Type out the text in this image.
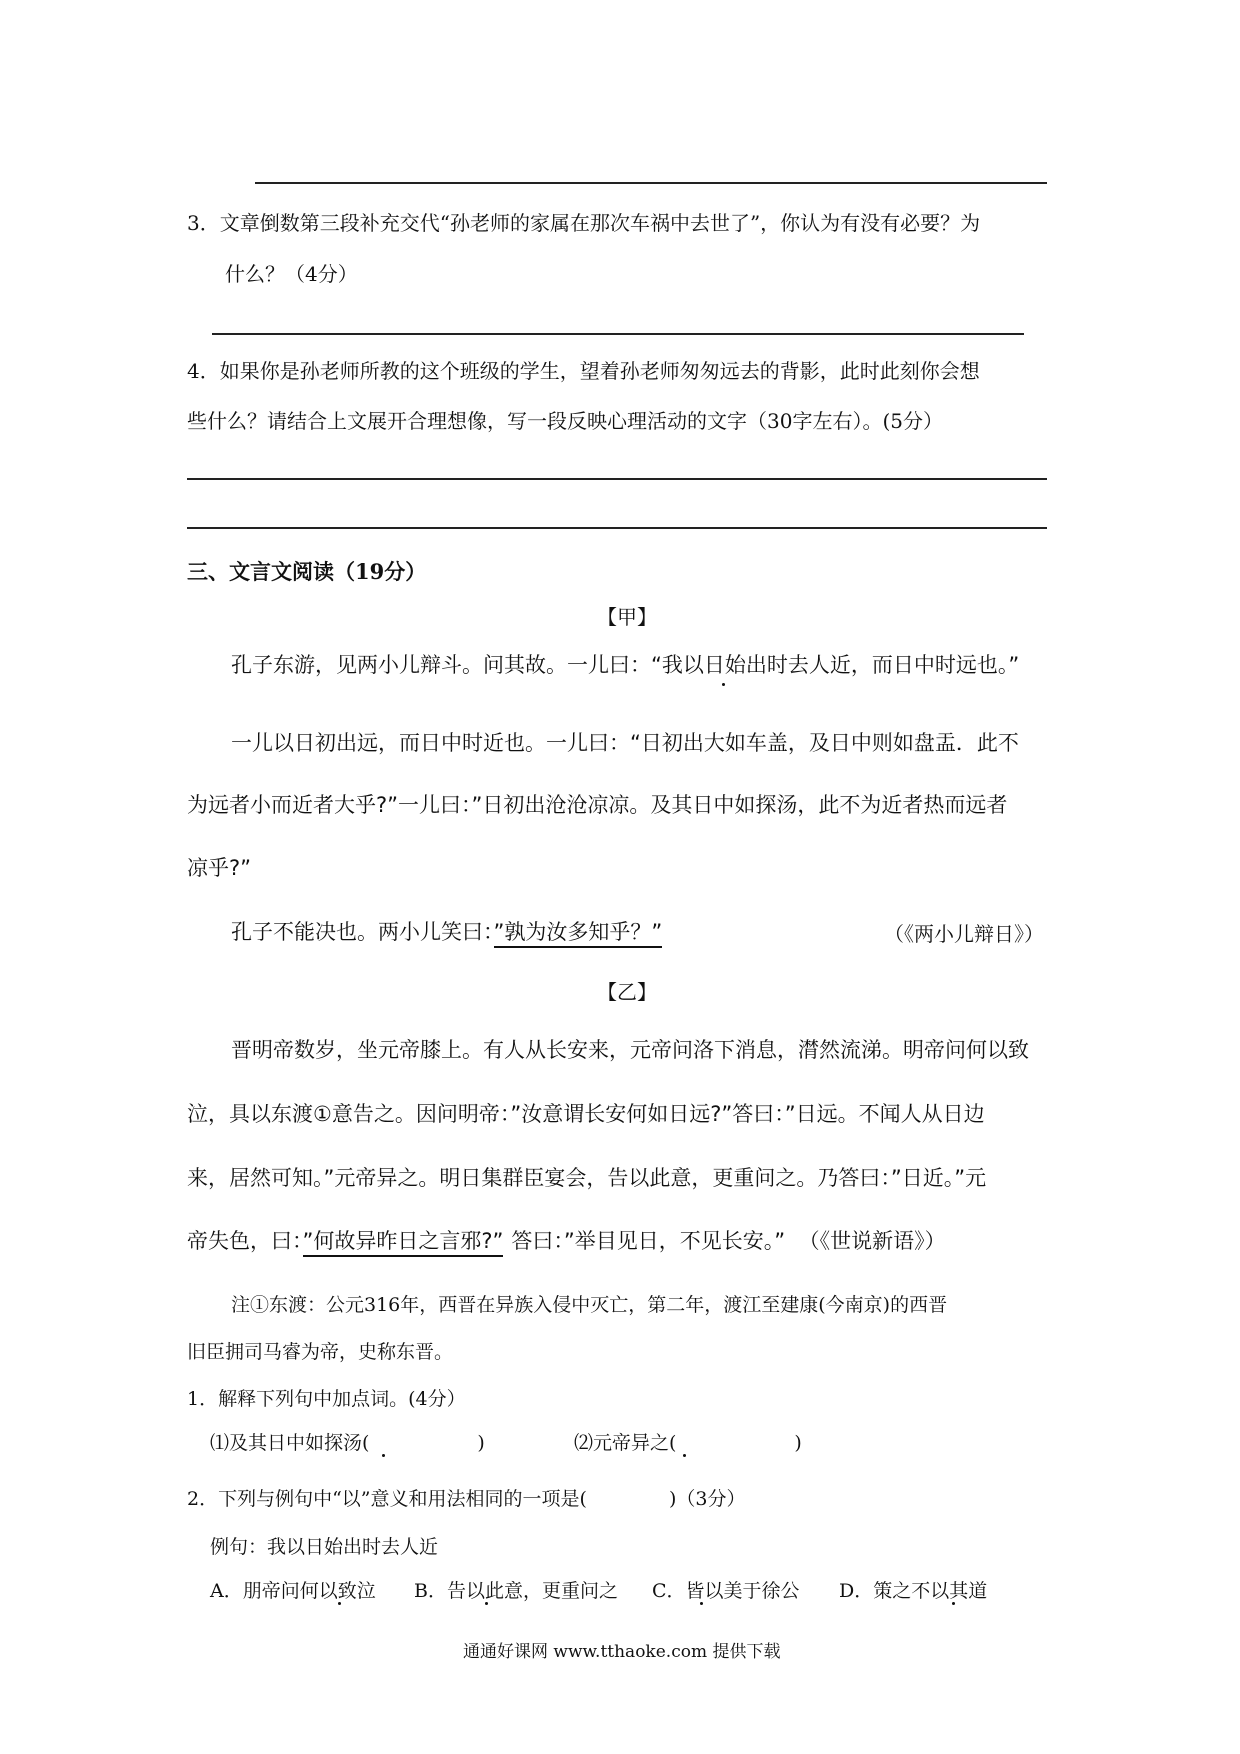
3．文章倒数第三段补充交代“孙老师的家属在那次车祸中去世了”，你认为有没有必要？为
什么？（4分）
4．如果你是孙老师所教的这个班级的学生，望着孙老师匆匆远去的背影，此时此刻你会想
些什么？请结合上文展开合理想像，写一段反映心理活动的文字（30字左右）。(5分）
三、文言文阅读（19分）
【甲】
孔子东游，见两小儿辩斗。问其故。一儿曰：“我以日始出时去人近，而日中时远也。”
一儿以日初出远，而日中时近也。一儿曰：“日初出大如车盖，及日中则如盘盂．此不
为远者小而近者大乎?”一儿曰：”日初出沧沧凉凉。及其日中如探汤，此不为近者热而远者
凉乎?”
孔子不能决也。两小儿笑曰：”孰为汝多知乎？”	（《两小儿辩日》）
【乙】
晋明帝数岁，坐元帝膝上。有人从长安来，元帝问洛下消息，潸然流涕。明帝问何以致
泣，具以东渡①意告之。因问明帝：”汝意谓长安何如日远?”答曰：”日远。不闻人从日边
来，居然可知。”元帝异之。明日集群臣宴会，告以此意，更重问之。乃答曰：”日近。”元
帝失色，曰：”何故异昨日之言邪?” 答曰：”举目见日，不见长安。” （《世说新语》）
注①东渡：公元316年，西晋在异族入侵中灭亡，第二年，渡江至建康(今南京)的西晋
旧臣拥司马睿为帝，史称东晋。
1．解释下列句中加点词。(4分）
⑴及其日中如探汤(	)	⑵元帝异之(	)
2．下列与例句中“以”意义和用法相同的一项是(	)（3分）
例句：我以日始出时去人近
A．朋帝问何以致泣 B．告以此意，更重问之 C．皆以美于徐公 D．策之不以其道
通通好课网 www.tthaoke.com 提供下载
